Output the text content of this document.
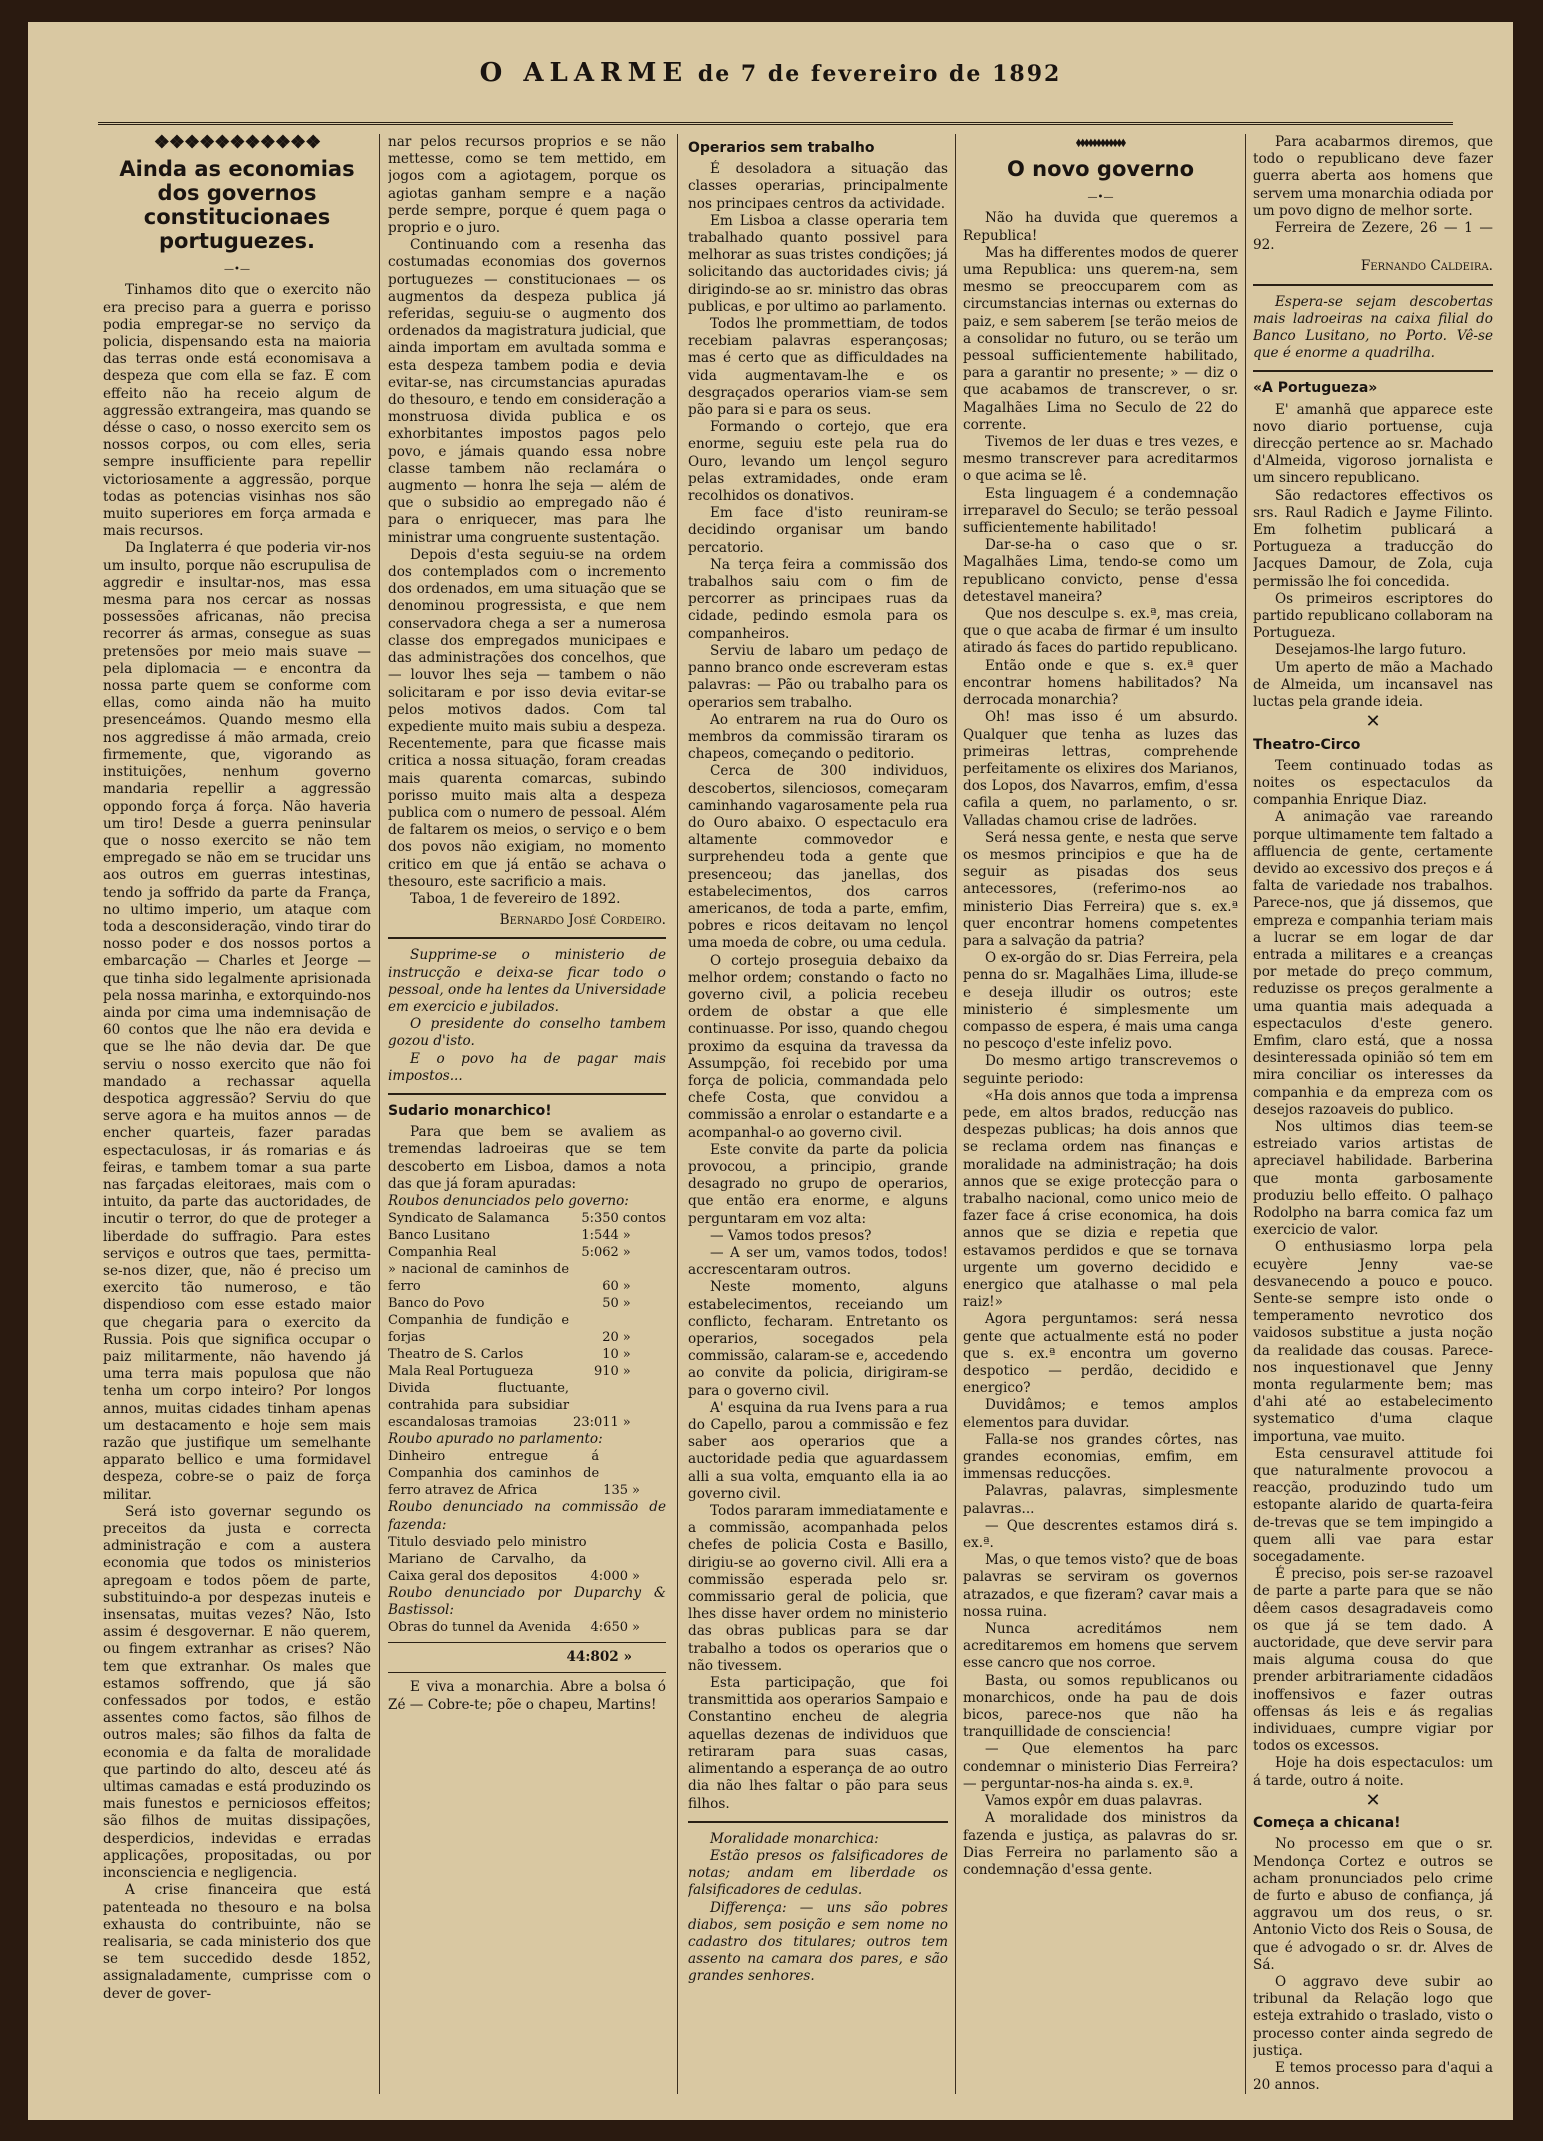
O ALARME de 7 de fevereiro de 1892
❖❖❖❖❖❖❖❖❖❖❖
Ainda as economias dos governos constitucionaes portuguezes.
—•—

Tinhamos dito que o exercito não era preciso para a guerra e porisso podia empregar-se no serviço da policia, dispensando esta na maioria das terras onde está economisava a despeza que com ella se faz. E com effeito não ha receio algum de aggressão extrangeira, mas quando se désse o caso, o nosso exercito sem os nossos corpos, ou com elles, seria sempre insufficiente para repellir victoriosamente a aggressão, porque todas as potencias visinhas nos são muito superiores em força armada e mais recursos.

Da Inglaterra é que poderia vir-nos um insulto, porque não escrupulisa de aggredir e insultar-nos, mas essa mesma para nos cercar as nossas possessões africanas, não precisa recorrer ás armas, consegue as suas pretensões por meio mais suave —pela diplomacia — e encontra da nossa parte quem se conforme com ellas, como ainda não ha muito presenceámos. Quando mesmo ella nos aggredisse á mão armada, creio firmemente, que, vigorando as instituições, nenhum governo mandaria repellir a aggressão oppondo força á força. Não haveria um tiro! Desde a guerra peninsular que o nosso exercito se não tem empregado se não em se trucidar uns aos outros em guerras intestinas, tendo ja soffrido da parte da França, no ultimo imperio, um ataque com toda a desconsideração, vindo tirar do nosso poder e dos nossos portos a embarcação — Charles et Jeorge — que tinha sido legalmente aprisionada pela nossa marinha, e extorquindo-nos ainda por cima uma indemnisação de 60 contos que lhe não era devida e que se lhe não devia dar. De que serviu o nosso exercito que não foi mandado a rechassar aquella despotica aggressão? Serviu do que serve agora e ha muitos annos — de encher quarteis, fazer paradas espectaculosas, ir ás romarias e ás feiras, e tambem tomar a sua parte nas farçadas eleitoraes, mais com o intuito, da parte das auctoridades, de incutir o terror, do que de proteger a liberdade do suffragio. Para estes serviços e outros que taes, permitta-se-nos dizer, que, não é preciso um exercito tão numeroso, e tão dispendioso com esse estado maior que chegaria para o exercito da Russia. Pois que significa occupar o paiz militarmente, não havendo já uma terra mais populosa que não tenha um corpo inteiro? Por longos annos, muitas cidades tinham apenas um destacamento e hoje sem mais razão que justifique um semelhante apparato bellico e uma formidavel despeza, cobre-se o paiz de força militar.

Será isto governar segundo os preceitos da justa e correcta administração e com a austera economia que todos os ministerios apregoam e todos põem de parte, substituindo-a por despezas inuteis e insensatas, muitas vezes? Não, Isto assim é desgovernar. E não querem, ou fingem extranhar as crises? Não tem que extranhar. Os males que estamos soffrendo, que já são confessados por todos, e estão assentes como factos, são filhos de outros males; são filhos da falta de economia e da falta de moralidade que partindo do alto, desceu até ás ultimas camadas e está produzindo os mais funestos e perniciosos effeitos; são filhos de muitas dissipações, desperdicios, indevidas e erradas applicações, propositadas, ou por inconsciencia e negligencia.

A crise financeira que está patenteada no thesouro e na bolsa exhausta do contribuinte, não se realisaria, se cada ministerio dos que se tem succedido desde 1852, assignaladamente, cumprisse com o dever de gover-

nar pelos recursos proprios e se não mettesse, como se tem mettido, em jogos com a agiotagem, porque os agiotas ganham sempre e a nação perde sempre, porque é quem paga o proprio e o juro.

Continuando com a resenha das costumadas economias dos governos portuguezes — constitucionaes — os augmentos da despeza publica já referidas, seguiu-se o augmento dos ordenados da magistratura judicial, que ainda importam em avultada somma e esta despeza tambem podia e devia evitar-se, nas circumstancias apuradas do thesouro, e tendo em consideração a monstruosa divida publica e os exhorbitantes impostos pagos pelo povo, e jámais quando essa nobre classe tambem não reclamára o augmento — honra lhe seja — além de que o subsidio ao empregado não é para o enriquecer, mas para lhe ministrar uma congruente sustentação.

Depois d'esta seguiu-se na ordem dos contemplados com o incremento dos ordenados, em uma situação que se denominou progressista, e que nem conservadora chega a ser a numerosa classe dos empregados municipaes e das administrações dos concelhos, que — louvor lhes seja — tambem o não solicitaram e por isso devia evitar-se pelos motivos dados. Com tal expediente muito mais subiu a despeza. Recentemente, para que ficasse mais critica a nossa situação, foram creadas mais quarenta comarcas, subindo porisso muito mais alta a despeza publica com o numero de pessoal. Além de faltarem os meios, o serviço e o bem dos povos não exigiam, no momento critico em que já então se achava o thesouro, este sacrificio a mais.

Taboa, 1 de fevereiro de 1892.

Bernardo José Cordeiro.

Supprime-se o ministerio de instrucção e deixa-se ficar todo o pessoal, onde ha lentes da Universidade em exercicio e jubilados.

O presidente do conselho tambem gozou d'isto.

E o povo ha de pagar mais impostos...

Sudario monarchico!

Para que bem se avaliem as tremendas ladroeiras que se tem descoberto em Lisboa, damos a nota das que já foram apuradas:

Roubos denunciados pelo governo:

Syndicato de Salamanca	5:350	contos
Banco Lusitano	1:544	»
Companhia Real	5:062	»
» nacional de caminhos de ferro	60	»
Banco do Povo	50	»
Companhia de fundição e forjas	20	»
Theatro de S. Carlos	10	»
Mala Real Portugueza	910	»
Divida fluctuante, contrahida para subsidiar escandalosas tramoias	23:011	»

Roubo apurado no parlamento:

Dinheiro entregue á Companhia dos caminhos de ferro atravez de Africa	135	»

Roubo denunciado na commissão de fazenda:

Titulo desviado pelo ministro Mariano de Carvalho, da Caixa geral dos depositos	4:000	»

Roubo denunciado por Duparchy & Bastissol:

Obras do tunnel da Avenida	4:650	»
44:802 »

E viva a monarchia. Abre a bolsa ó Zé — Cobre-te; põe o chapeu, Martins!

Operarios sem trabalho

É desoladora a situação das classes operarias, principalmente nos principaes centros da actividade.

Em Lisboa a classe operaria tem trabalhado quanto possivel para melhorar as suas tristes condições; já solicitando das auctoridades civis; já dirigindo-se ao sr. ministro das obras publicas, e por ultimo ao parlamento.

Todos lhe prommettiam, de todos recebiam palavras esperançosas; mas é certo que as difficuldades na vida augmentavam-lhe e os desgraçados operarios viam-se sem pão para si e para os seus.

Formando o cortejo, que era enorme, seguiu este pela rua do Ouro, levando um lençol seguro pelas extramidades, onde eram recolhidos os donativos.

Em face d'isto reuniram-se decidindo organisar um bando percatorio.

Na terça feira a commissão dos trabalhos saiu com o fim de percorrer as principaes ruas da cidade, pedindo esmola para os companheiros.

Serviu de labaro um pedaço de panno branco onde escreveram estas palavras: — Pão ou trabalho para os operarios sem trabalho.

Ao entrarem na rua do Ouro os membros da commissão tiraram os chapeos, começando o peditorio.

Cerca de 300 individuos, descobertos, silenciosos, começaram caminhando vagarosamente pela rua do Ouro abaixo. O espectaculo era altamente commovedor e surprehendeu toda a gente que presenceou; das janellas, dos estabelecimentos, dos carros americanos, de toda a parte, emfim, pobres e ricos deitavam no lençol uma moeda de cobre, ou uma cedula.

O cortejo proseguia debaixo da melhor ordem; constando o facto no governo civil, a policia recebeu ordem de obstar a que elle continuasse. Por isso, quando chegou proximo da esquina da travessa da Assumpção, foi recebido por uma força de policia, commandada pelo chefe Costa, que convidou a commissão a enrolar o estandarte e a acompanhal-o ao governo civil.

Este convite da parte da policia provocou, a principio, grande desagrado no grupo de operarios, que então era enorme, e alguns perguntaram em voz alta:

— Vamos todos presos?

— A ser um, vamos todos, todos! accrescentaram outros.

Neste momento, alguns estabelecimentos, receiando um conflicto, fecharam. Entretanto os operarios, socegados pela commissão, calaram-se e, accedendo ao convite da policia, dirigiram-se para o governo civil.

A' esquina da rua Ivens para a rua do Capello, parou a commissão e fez saber aos operarios que a auctoridade pedia que aguardassem alli a sua volta, emquanto ella ia ao governo civil.

Todos pararam immediatamente e a commissão, acompanhada pelos chefes de policia Costa e Basillo, dirigiu-se ao governo civil. Alli era a commissão esperada pelo sr. commissario geral de policia, que lhes disse haver ordem no ministerio das obras publicas para se dar trabalho a todos os operarios que o não tivessem.

Esta participação, que foi transmittida aos operarios Sampaio e Constantino encheu de alegria aquellas dezenas de individuos que retiraram para suas casas, alimentando a esperança de ao outro dia não lhes faltar o pão para seus filhos.

Moralidade monarchica:

Estão presos os falsificadores de notas; andam em liberdade os falsificadores de cedulas.

Differença: — uns são pobres diabos, sem posição e sem nome no cadastro dos titulares; outros tem assento na camara dos pares, e são grandes senhores.

⬪⬪⬪⬪⬪⬪⬪⬪⬪⬪⬪⬪
O novo governo
—•—

Não ha duvida que queremos a Republica!

Mas ha differentes modos de querer uma Republica: uns querem-na, sem mesmo se preoccuparem com as circumstancias internas ou externas do paiz, e sem saberem [se terão meios de a consolidar no futuro, ou se terão um pessoal sufficientemente habilitado, para a garantir no presente; » — diz o que acabamos de transcrever, o sr. Magalhães Lima no Seculo de 22 do corrente.

Tivemos de ler duas e tres vezes, e mesmo transcrever para acreditarmos o que acima se lê.

Esta linguagem é a condemnação irreparavel do Seculo; se terão pessoal sufficientemente habilitado!

Dar-se-ha o caso que o sr. Magalhães Lima, tendo-se como um republicano convicto, pense d'essa detestavel maneira?

Que nos desculpe s. ex.ª, mas creia, que o que acaba de firmar é um insulto atirado ás faces do partido republicano.

Então onde e que s. ex.ª quer encontrar homens habilitados? Na derrocada monarchia?

Oh! mas isso é um absurdo. Qualquer que tenha as luzes das primeiras lettras, comprehende perfeitamente os elixires dos Marianos, dos Lopos, dos Navarros, emfim, d'essa cafila a quem, no parlamento, o sr. Valladas chamou crise de ladrões.

Será nessa gente, e nesta que serve os mesmos principios e que ha de seguir as pisadas dos seus antecessores, (referimo-nos ao ministerio Dias Ferreira) que s. ex.ª quer encontrar homens competentes para a salvação da patria?

O ex-orgão do sr. Dias Ferreira, pela penna do sr. Magalhães Lima, illude-se e deseja illudir os outros; este ministerio é simplesmente um compasso de espera, é mais uma canga no pescoço d'este infeliz povo.

Do mesmo artigo transcrevemos o seguinte periodo:

«Ha dois annos que toda a imprensa pede, em altos brados, reducção nas despezas publicas; ha dois annos que se reclama ordem nas finanças e moralidade na administração; ha dois annos que se exige protecção para o trabalho nacional, como unico meio de fazer face á crise economica, ha dois annos que se dizia e repetia que estavamos perdidos e que se tornava urgente um governo decidido e energico que atalhasse o mal pela raiz!»

Agora perguntamos: será nessa gente que actualmente está no poder que s. ex.ª encontra um governo despotico — perdão, decidido e energico?

Duvidâmos; e temos amplos elementos para duvidar.

Falla-se nos grandes côrtes, nas grandes economias, emfim, em immensas reducções.

Palavras, palavras, simplesmente palavras...

— Que descrentes estamos dirá s. ex.ª.

Mas, o que temos visto? que de boas palavras se serviram os governos atrazados, e que fizeram? cavar mais a nossa ruina.

Nunca acreditámos nem acreditaremos em homens que servem esse cancro que nos corroe.

Basta, ou somos republicanos ou monarchicos, onde ha pau de dois bicos, parece-nos que não ha tranquillidade de consciencia!

— Que elementos ha parc condemnar o ministerio Dias Ferreira? — perguntar-nos-ha ainda s. ex.ª.

Vamos expôr em duas palavras.

A moralidade dos ministros da fazenda e justiça, as palavras do sr. Dias Ferreira no parlamento são a condemnação d'essa gente.

Para acabarmos diremos, que todo o republicano deve fazer guerra aberta aos homens que servem uma monarchia odiada por um povo digno de melhor sorte.

Ferreira de Zezere, 26 — 1 — 92.

Fernando Caldeira.

Espera-se sejam descobertas mais ladroeiras na caixa filial do Banco Lusitano, no Porto. Vê-se que é enorme a quadrilha.

«A Portugueza»

E' amanhã que apparece este novo diario portuense, cuja direcção pertence ao sr. Machado d'Almeida, vigoroso jornalista e um sincero republicano.

São redactores effectivos os srs. Raul Radich e Jayme Filinto. Em folhetim publicará a Portugueza a traducção do Jacques Damour, de Zola, cuja permissão lhe foi concedida.

Os primeiros escriptores do partido republicano collaboram na Portugueza.

Desejamos-lhe largo futuro.

Um aperto de mão a Machado de Almeida, um incansavel nas luctas pela grande ideia.

✕
Theatro-Circo

Teem continuado todas as noites os espectaculos da companhia Enrique Diaz.

A animação vae rareando porque ultimamente tem faltado a affluencia de gente, certamente devido ao excessivo dos preços e á falta de variedade nos trabalhos. Parece-nos, que já dissemos, que empreza e companhia teriam mais a lucrar se em logar de dar entrada a militares e a creanças por metade do preço commum, reduzisse os preços geralmente a uma quantia mais adequada a espectaculos d'este genero. Emfim, claro está, que a nossa desinteressada opinião só tem em mira conciliar os interesses da companhia e da empreza com os desejos razoaveis do publico.

Nos ultimos dias teem-se estreiado varios artistas de apreciavel habilidade. Barberina que monta garbosamente produziu bello effeito. O palhaço Rodolpho na barra comica faz um exercicio de valor.

O enthusiasmo lorpa pela ecuyère Jenny vae-se desvanecendo a pouco e pouco. Sente-se sempre isto onde o temperamento nevrotico dos vaidosos substitue a justa noção da realidade das cousas. Parece-nos inquestionavel que Jenny monta regularmente bem; mas d'ahi até ao estabelecimento systematico d'uma claque importuna, vae muito.

Esta censuravel attitude foi que naturalmente provocou a reacção, produzindo tudo um estopante alarido de quarta-feira de-trevas que se tem impingido a quem alli vae para estar socegadamente.

É preciso, pois ser-se razoavel de parte a parte para que se não dêem casos desagradaveis como os que já se tem dado. A auctoridade, que deve servir para mais alguma cousa do que prender arbitrariamente cidadãos inoffensivos e fazer outras offensas ás leis e ás regalias individuaes, cumpre vigiar por todos os excessos.

Hoje ha dois espectaculos: um á tarde, outro á noite.

✕
Começa a chicana!

No processo em que o sr. Mendonça Cortez e outros se acham pronunciados pelo crime de furto e abuso de confiança, já aggravou um dos reus, o sr. Antonio Victo dos Reis o Sousa, de que é advogado o sr. dr. Alves de Sá.

O aggravo deve subir ao tribunal da Relação logo que esteja extrahido o traslado, visto o processo conter ainda segredo de justiça.

E temos processo para d'aqui a 20 annos.
